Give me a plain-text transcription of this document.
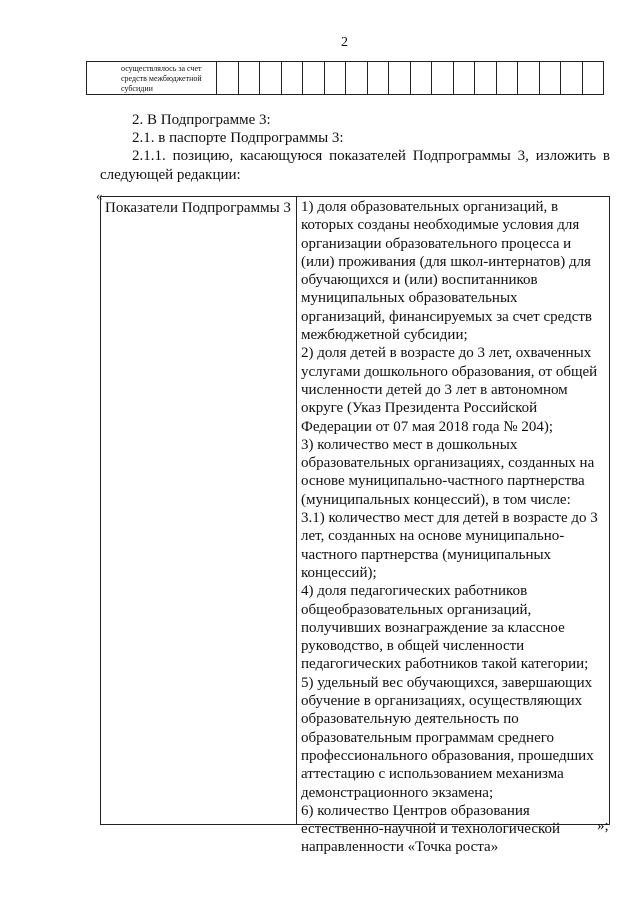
2
осуществлялось за счет средств межбюджетной субсидии

2. В Подпрограмме 3:

2.1. в паспорте Подпрограммы 3:

2.1.1. позицию, касающуюся показателей Подпрограммы 3, изложить в следующей редакции:

«
Показатели Подпрограммы 3 1) доля образовательных организаций, в которых созданы необходимые условия для организации образовательного процесса и (или) проживания (для школ-интернатов) для обучающихся и (или) воспитанников муниципальных образовательных организаций, финансируемых за счет средств межбюджетной субсидии;
2) доля детей в возрасте до 3 лет, охваченных услугами дошкольного образования, от общей численности детей до 3 лет в автономном округе (Указ Президента Российской Федерации от 07 мая 2018 года № 204);
3) количество мест в дошкольных образовательных организациях, созданных на основе муниципально-частного партнерства (муниципальных концессий), в том числе:
3.1) количество мест для детей в возрасте до 3 лет, созданных на основе муниципально-частного партнерства (муниципальных концессий);
4) доля педагогических работников общеобразовательных организаций, получивших вознаграждение за классное руководство, в общей численности педагогических работников такой категории;
5) удельный вес обучающихся, завершающих обучение в организациях, осуществляющих образовательную деятельность по образовательным программам среднего профессионального образования, прошедших аттестацию с использованием механизма демонстрационного экзамена;
6) количество Центров образования естественно-научной и технологической направленности «Точка роста»
»;
